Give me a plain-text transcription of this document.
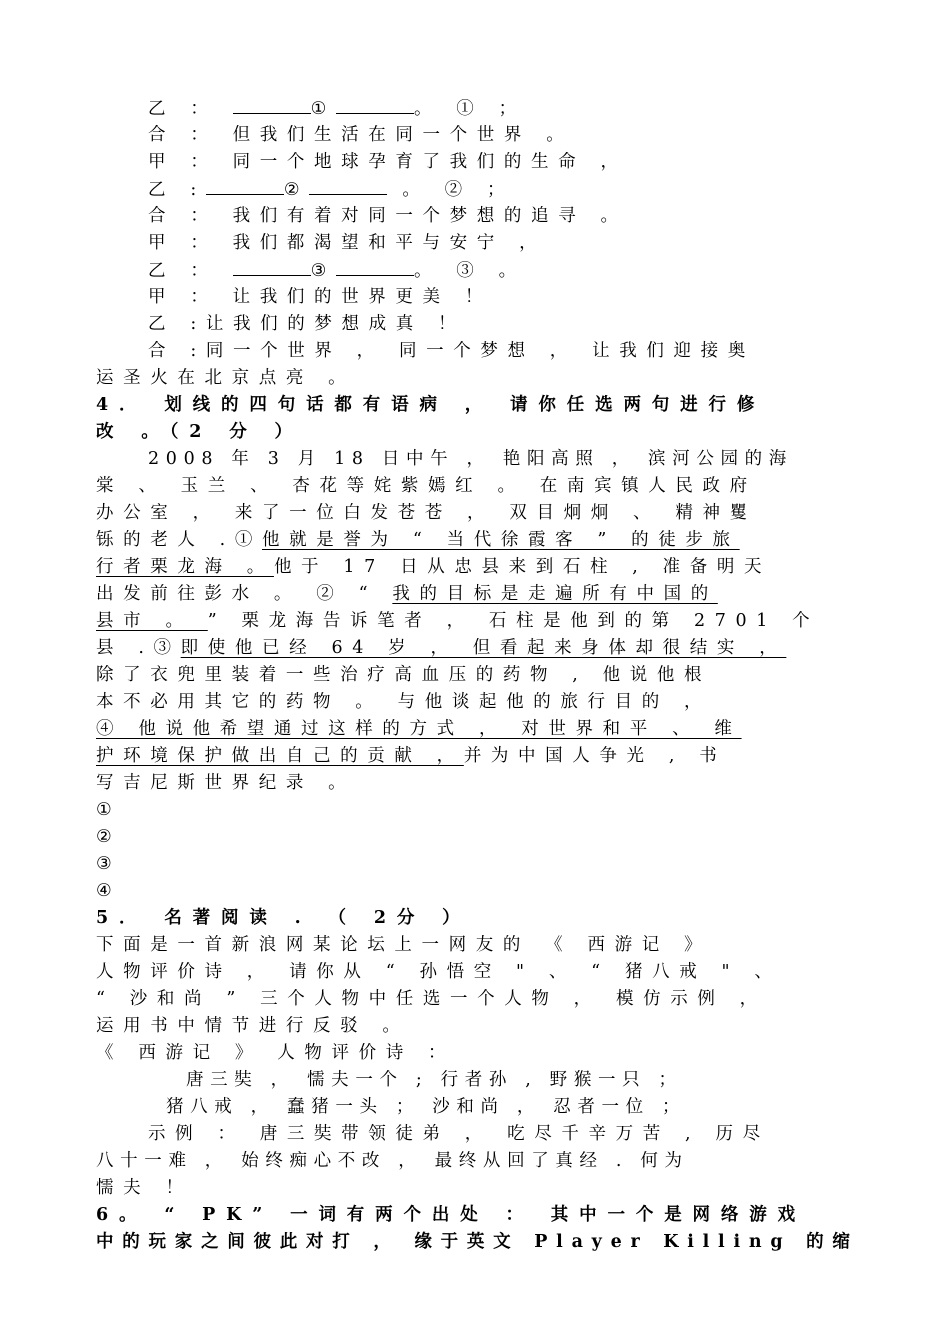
乙 ：	①	。 ① ；
合 ： 但我们生活在同一个世界 。
甲 ： 同一个地球孕育了我们的生命 ，
乙 :	②	。 ② ；
合 ： 我们有着对同一个梦想的追寻 。
甲 ： 我们都渴望和平与安宁 ，
乙 ：	③	。 ③ 。
甲 ： 让我们的世界更美 ！
乙 :让我们的梦想成真 ！
合 :同一个世界 ， 同一个梦想 ， 让我们迎接奥
运圣火在北京点亮 。
4． 划线的四句话都有语病 ， 请你任选两句进行修
改 。（2 分 ）
2008 年 3 月 18 日中午 ， 艳阳高照 ， 滨河公园的海
棠 、 玉兰 、 杏花等姹紫嫣红 。 在南宾镇人民政府
办公室 ， 来了一位白发苍苍 ， 双目炯炯 、 精神矍
铄的老人 .①他就是誉为 “ 当代徐霞客 ” 的徒步旅
行者栗龙海 。他于 17 日从忠县来到石柱 , 准备明天
出发前往彭水 。 ② “ 我的目标是走遍所有中国的
县市 。 ” 栗龙海告诉笔者 ， 石柱是他到的第 2701 个
县 .③即使他已经 64 岁 ， 但看起来身体却很结实 ，
除了衣兜里装着一些治疗高血压的药物 , 他说他根
本不必用其它的药物 。 与他谈起他的旅行目的 ，
④ 他说他希望通过这样的方式 ， 对世界和平 、 维
护环境保护做出自己的贡献 ，并为中国人争光 , 书
写吉尼斯世界纪录 。
①
②
③
④
5． 名著阅读 . （ 2分 ）
下面是一首新浪网某论坛上一网友的 《 西游记 》
人物评价诗 ， 请你从 “ 孙悟空 " 、 “ 猪八戒 " 、
“ 沙和尚 ” 三个人物中任选一个人物 ， 模仿示例 ，
运用书中情节进行反驳 。
《 西游记 》 人物评价诗 ：
唐三奘 ， 懦夫一个 ; 行者孙 , 野猴一只 ；
猪八戒 ， 蠢猪一头 ； 沙和尚 ， 忍者一位 ；
示例 ： 唐三奘带领徒弟 ， 吃尽千辛万苦 , 历尽
八十一难 ， 始终痴心不改 ， 最终从回了真经 . 何为
懦夫 ！
6。 “ PK” 一词有两个出处 ： 其中一个是网络游戏
中的玩家之间彼此对打 ， 缘于英文 Player Killing 的缩
